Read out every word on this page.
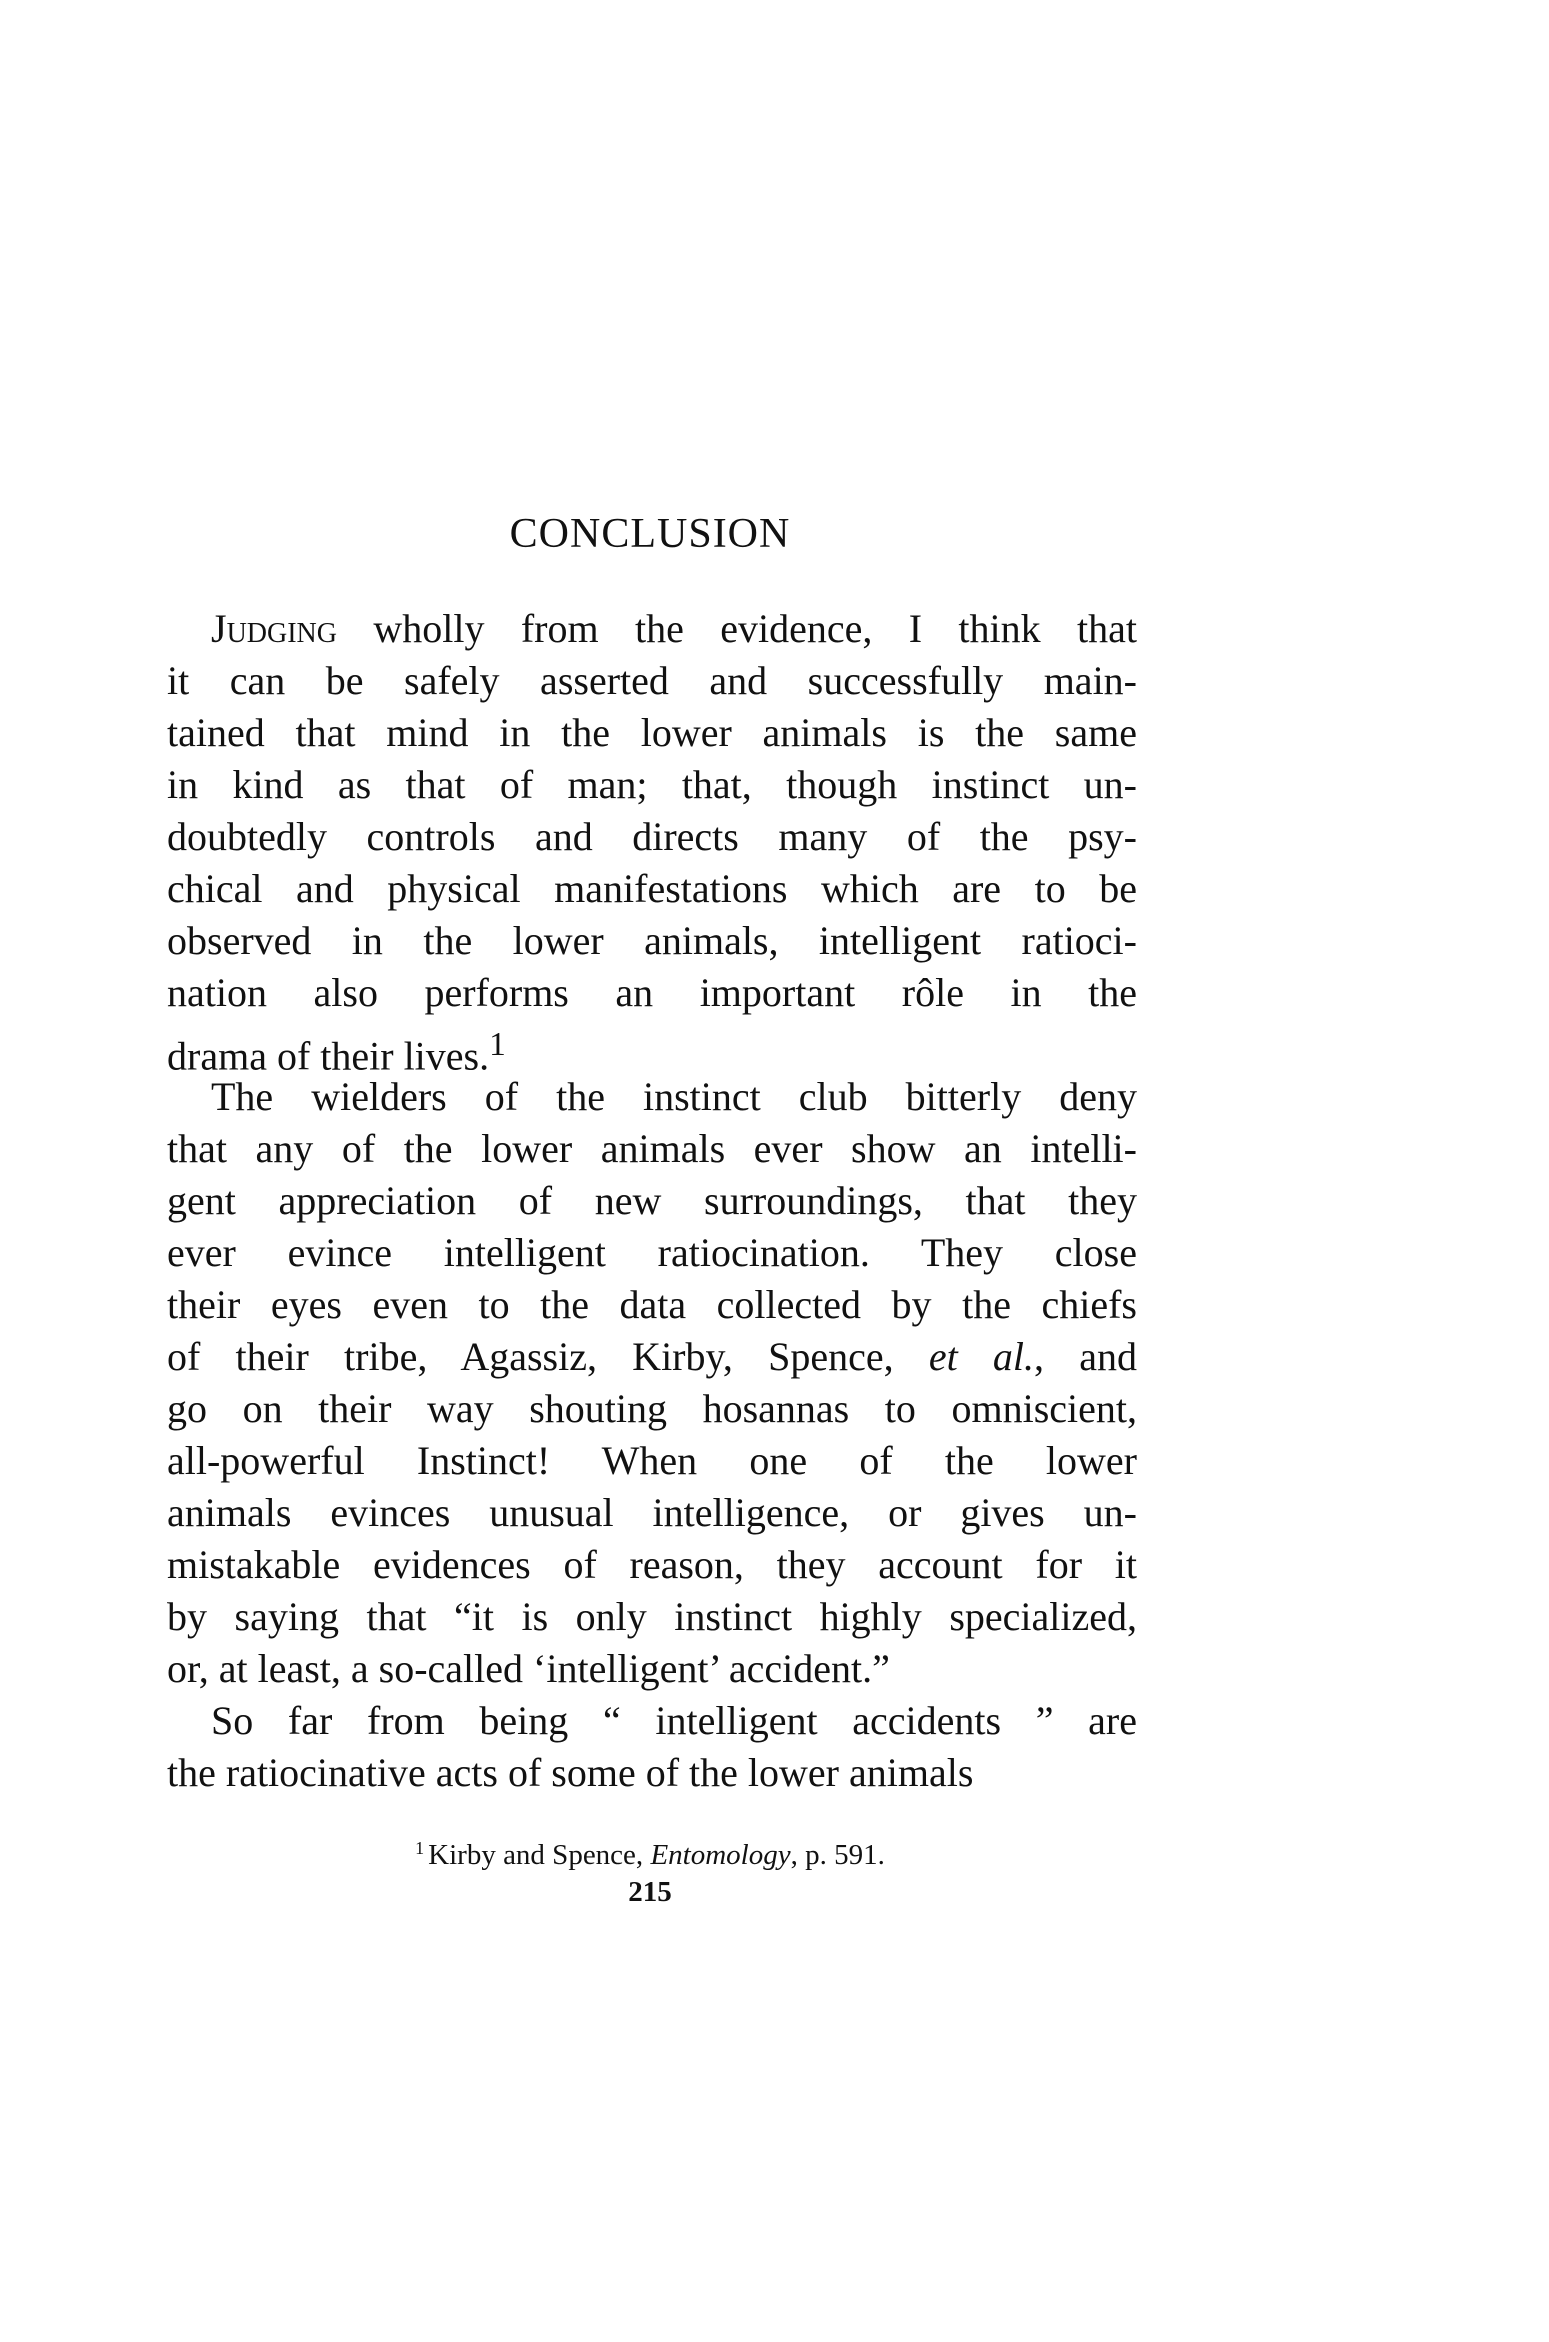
CONCLUSION
Judging wholly from the evidence, I think that
it can be safely asserted and successfully main-
tained that mind in the lower animals is the same
in kind as that of man; that, though instinct un-
doubtedly controls and directs many of the psy-
chical and physical manifestations which are to be
observed in the lower animals, intelligent ratioci-
nation also performs an important rôle in the
drama of their lives.$^1$
The wielders of the instinct club bitterly deny
that any of the lower animals ever show an intelli-
gent appreciation of new surroundings, that they
ever evince intelligent ratiocination. They close
their eyes even to the data collected by the chiefs
of their tribe, Agassiz, Kirby, Spence, et al., and
go on their way shouting hosannas to omniscient,
all-powerful Instinct! When one of the lower
animals evinces unusual intelligence, or gives un-
mistakable evidences of reason, they account for it
by saying that “it is only instinct highly specialized,
or, at least, a so-called ‘intelligent’ accident.”
So far from being “ intelligent accidents ” are
the ratiocinative acts of some of the lower animals
$^1$ Kirby and Spence, Entomology, p. 591.
215
